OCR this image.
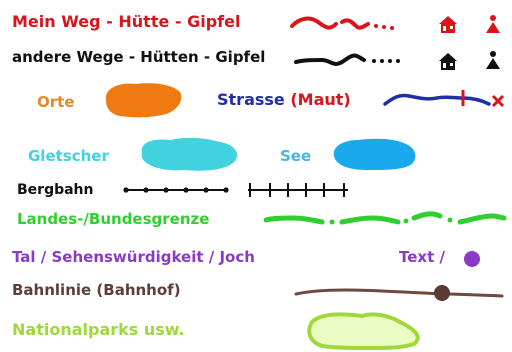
Mein Weg - Hütte - Gipfel
andere Wege - Hütten - Gipfel
Orte	Strasse (Maut)
Gletscher	See
Bergbahn
Landes-/Bundesgrenze
Tal / Sehenswürdigkeit / Joch	Text /
Bahnlinie (Bahnhof)
Nationalparks usw.
